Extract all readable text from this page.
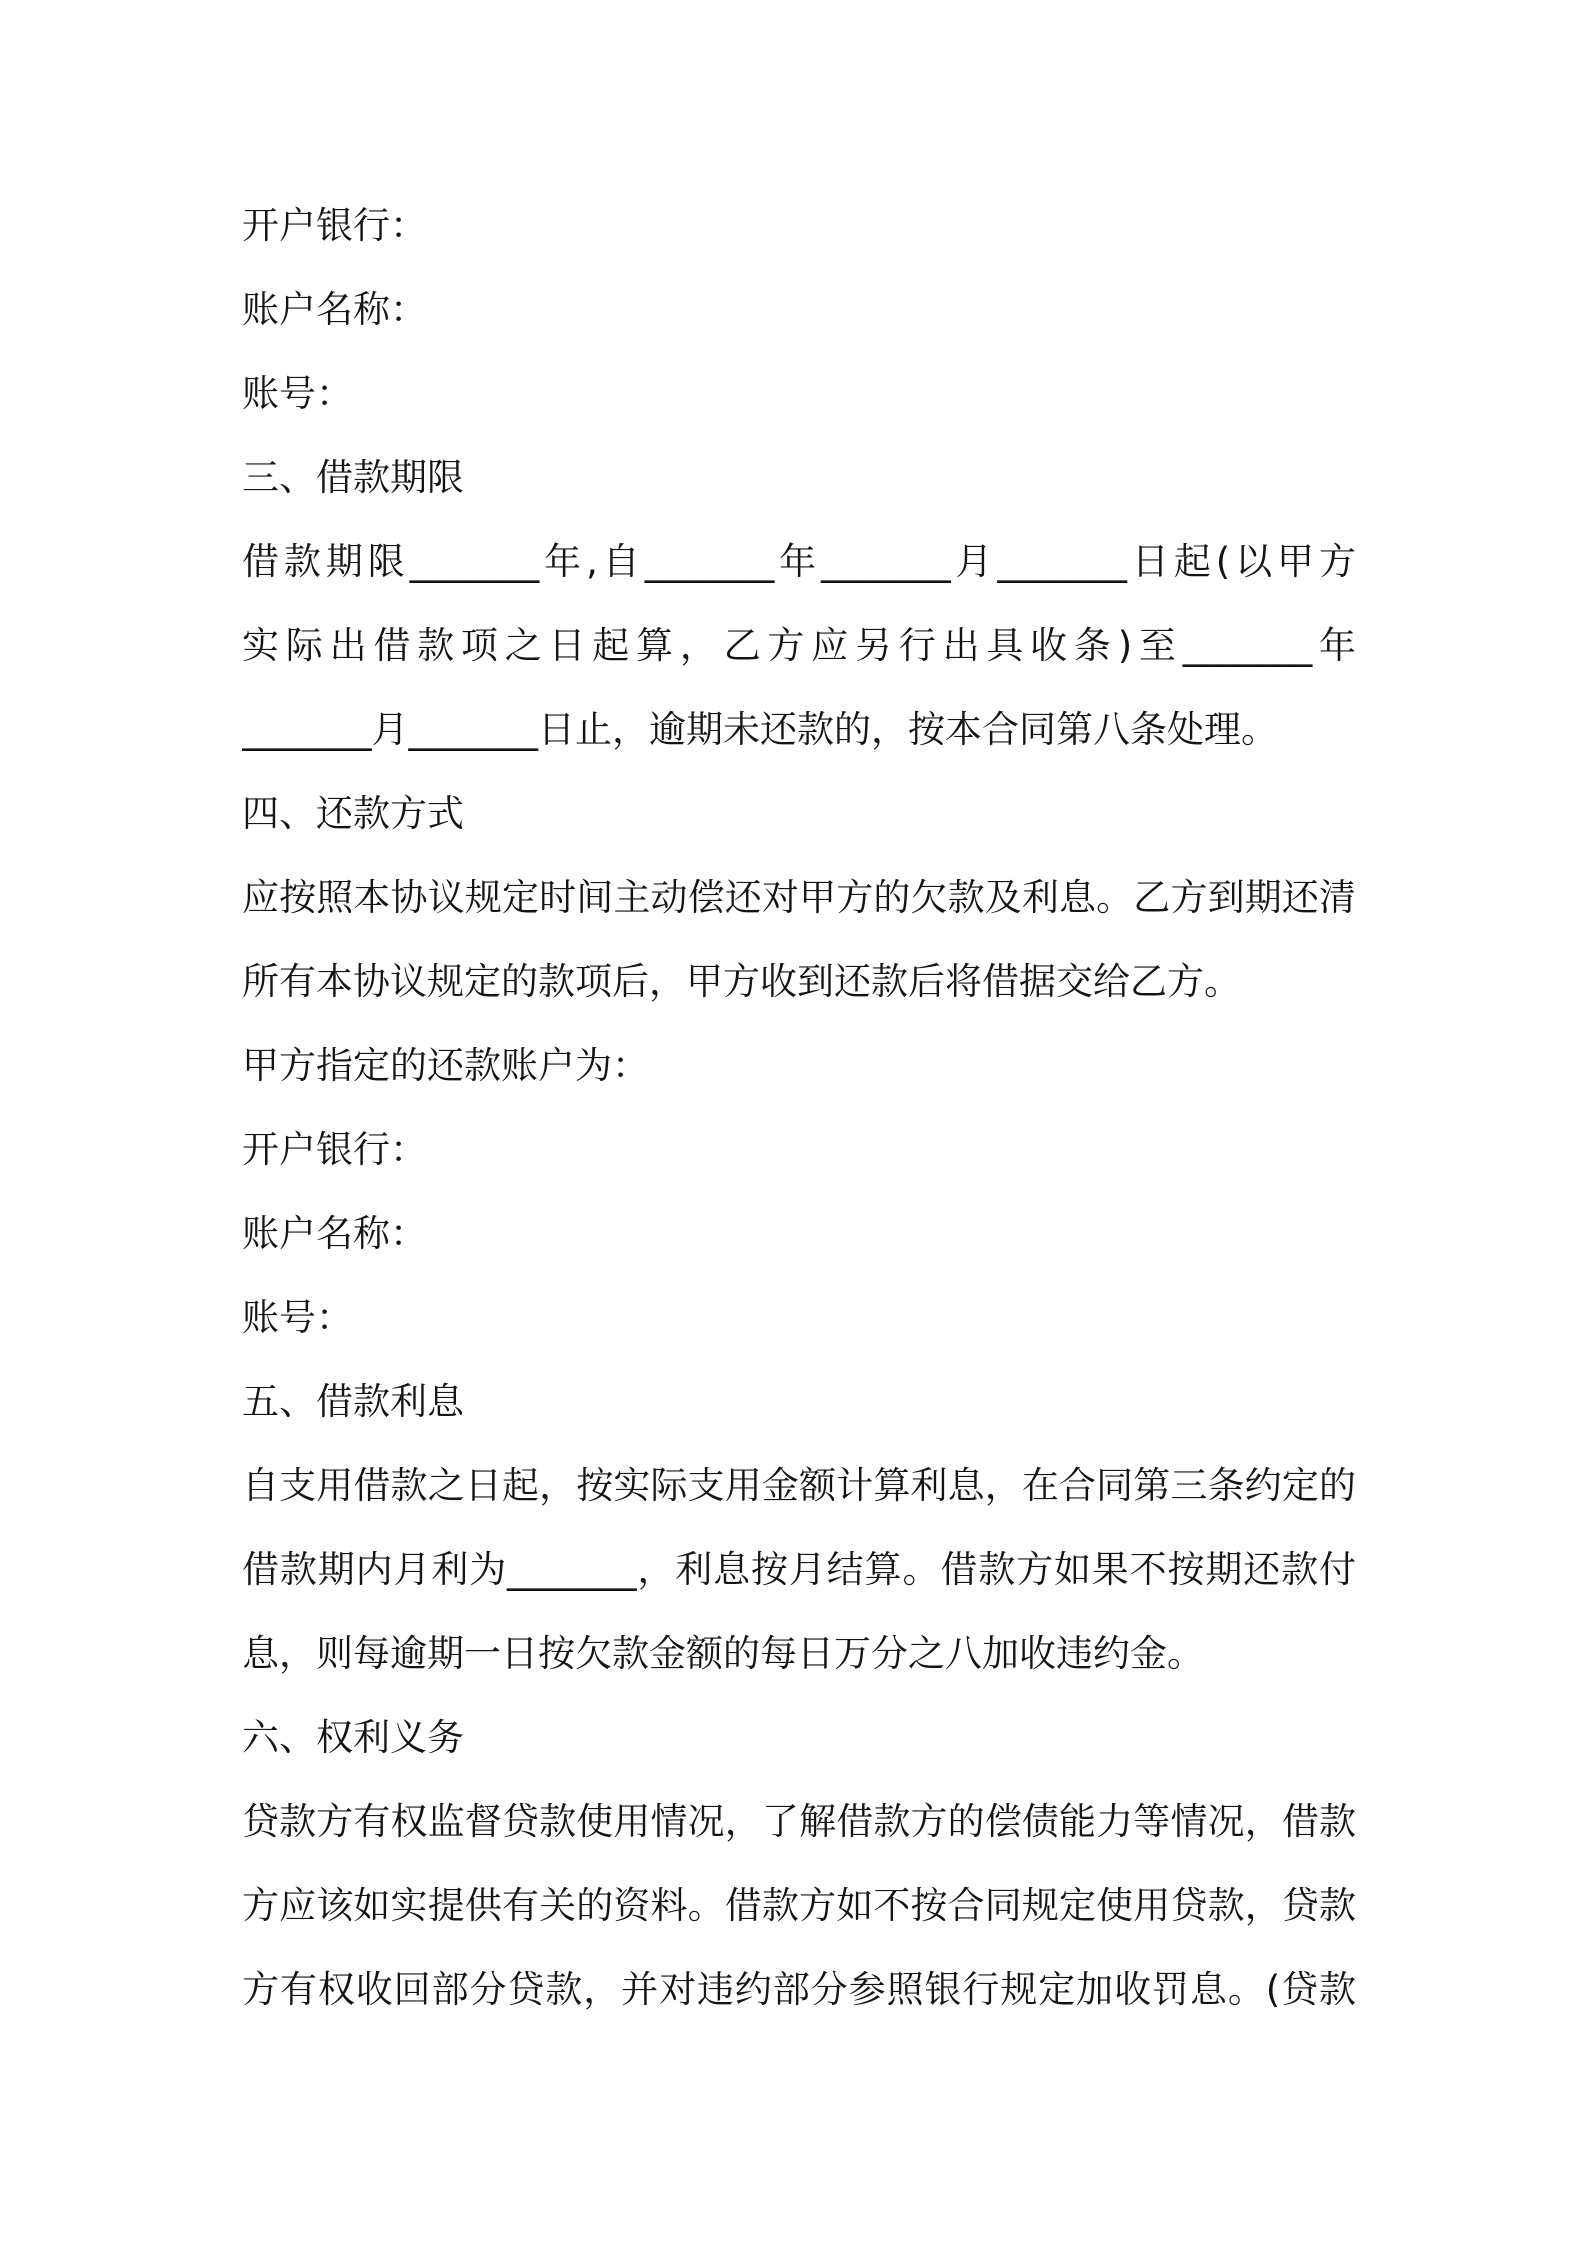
开户银行：
账户名称：
账号：
三、借款期限
借款期限_______年,自_______年_______月_______日起(以甲方
实际出借款项之日起算，乙方应另行出具收条)至_______年
_______月_______日止，逾期未还款的，按本合同第八条处理。
四、还款方式
应按照本协议规定时间主动偿还对甲方的欠款及利息。乙方到期还清
所有本协议规定的款项后，甲方收到还款后将借据交给乙方。
甲方指定的还款账户为：
开户银行：
账户名称：
账号：
五、借款利息
自支用借款之日起，按实际支用金额计算利息，在合同第三条约定的
借款期内月利为_______，利息按月结算。借款方如果不按期还款付
息，则每逾期一日按欠款金额的每日万分之八加收违约金。
六、权利义务
贷款方有权监督贷款使用情况，了解借款方的偿债能力等情况，借款
方应该如实提供有关的资料。借款方如不按合同规定使用贷款，贷款
方有权收回部分贷款，并对违约部分参照银行规定加收罚息。(贷款
